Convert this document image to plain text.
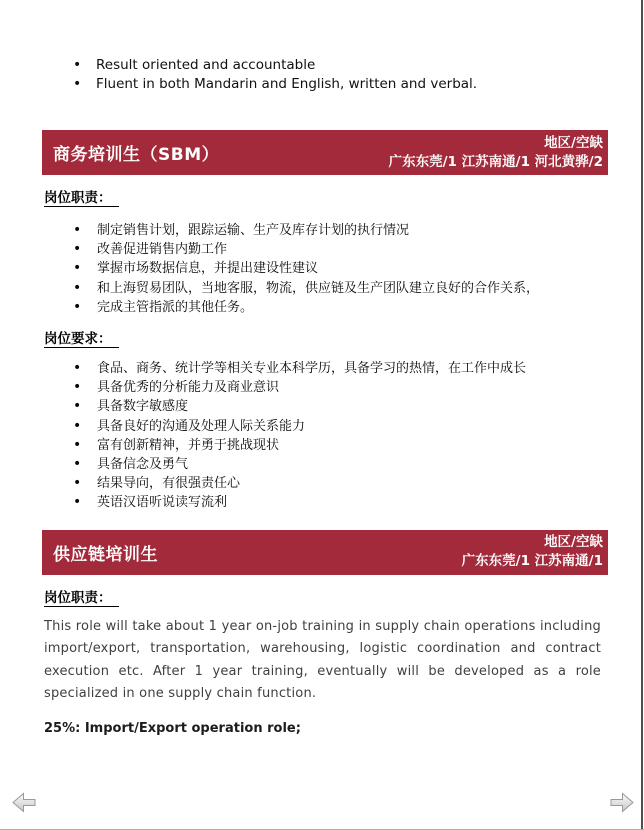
• Result oriented and accountable
• Fluent in both Mandarin and English, written and verbal.
商务培训生（SBM）
地区/空缺
广东东莞/1 江苏南通/1 河北黄骅/2
岗位职责：
• 制定销售计划，跟踪运输、生产及库存计划的执行情况
• 改善促进销售内勤工作
• 掌握市场数据信息，并提出建设性建议
• 和上海贸易团队，当地客服，物流，供应链及生产团队建立良好的合作关系，
• 完成主管指派的其他任务。
岗位要求：
• 食品、商务、统计学等相关专业本科学历，具备学习的热情，在工作中成长
• 具备优秀的分析能力及商业意识
• 具备数字敏感度
• 具备良好的沟通及处理人际关系能力
• 富有创新精神，并勇于挑战现状
• 具备信念及勇气
• 结果导向，有很强责任心
• 英语汉语听说读写流利
供应链培训生
地区/空缺
广东东莞/1 江苏南通/1
岗位职责：

This role will take about 1 year on-job training in supply chain operations including import/export, transportation, warehousing, logistic coordination and contract execution etc. After 1 year training, eventually will be developed as a role specialized in one supply chain function.

25%: Import/Export operation role;
